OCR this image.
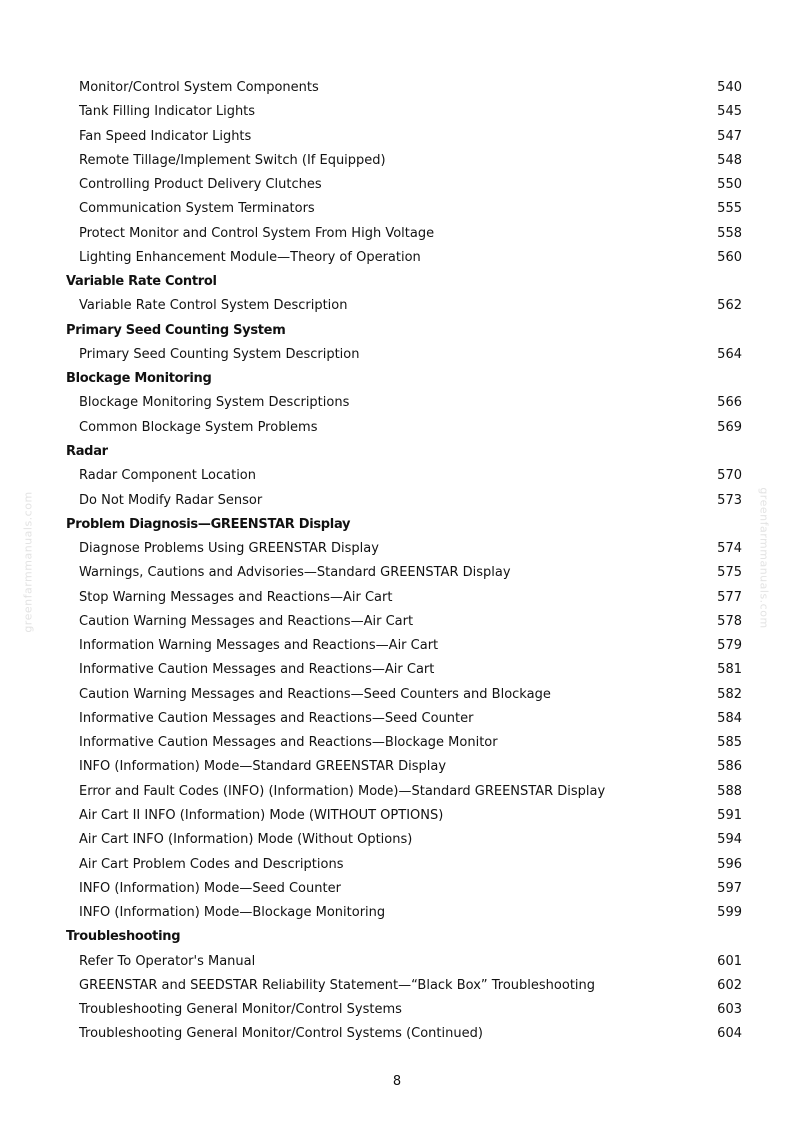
Monitor/Control System Components	540
Tank Filling Indicator Lights	545
Fan Speed Indicator Lights	547
Remote Tillage/Implement Switch (If Equipped)	548
Controlling Product Delivery Clutches	550
Communication System Terminators	555
Protect Monitor and Control System From High Voltage	558
Lighting Enhancement Module—Theory of Operation	560
Variable Rate Control
Variable Rate Control System Description	562
Primary Seed Counting System
Primary Seed Counting System Description	564
Blockage Monitoring
Blockage Monitoring System Descriptions	566
Common Blockage System Problems	569
Radar
Radar Component Location	570
Do Not Modify Radar Sensor	573
Problem Diagnosis—GREENSTAR Display
Diagnose Problems Using GREENSTAR Display	574
Warnings, Cautions and Advisories—Standard GREENSTAR Display	575
Stop Warning Messages and Reactions—Air Cart	577
Caution Warning Messages and Reactions—Air Cart	578
Information Warning Messages and Reactions—Air Cart	579
Informative Caution Messages and Reactions—Air Cart	581
Caution Warning Messages and Reactions—Seed Counters and Blockage	582
Informative Caution Messages and Reactions—Seed Counter	584
Informative Caution Messages and Reactions—Blockage Monitor	585
INFO (Information) Mode—Standard GREENSTAR Display	586
Error and Fault Codes (INFO) (Information) Mode)—Standard GREENSTAR Display	588
Air Cart II INFO (Information) Mode (WITHOUT OPTIONS)	591
Air Cart INFO (Information) Mode (Without Options)	594
Air Cart Problem Codes and Descriptions	596
INFO (Information) Mode—Seed Counter	597
INFO (Information) Mode—Blockage Monitoring	599
Troubleshooting
Refer To Operator's Manual	601
GREENSTAR and SEEDSTAR Reliability Statement—“Black Box” Troubleshooting	602
Troubleshooting General Monitor/Control Systems	603
Troubleshooting General Monitor/Control Systems (Continued)	604
greenfarmmanuals.com	greenfarmmanuals.com
8
